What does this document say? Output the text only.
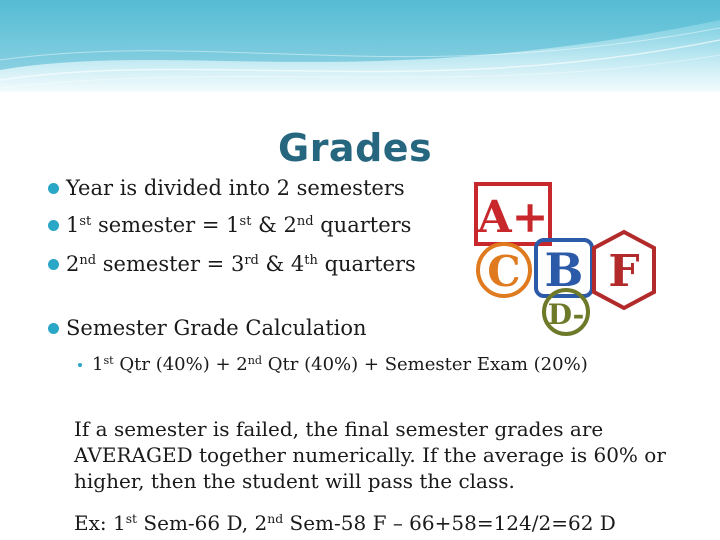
Grades
Year is divided into 2 semesters
1st semester = 1st & 2nd quarters
2nd semester = 3rd & 4th quarters
Semester Grade Calculation
1st Qtr (40%) + 2nd Qtr (40%) + Semester Exam (20%)
If a semester is failed, the final semester grades are AVERAGED together numerically. If the average is 60% or higher, then the student will pass the class.
Ex: 1st Sem-66 D, 2nd Sem-58 F – 66+58=124/2=62 D
A+
C B F
D-
